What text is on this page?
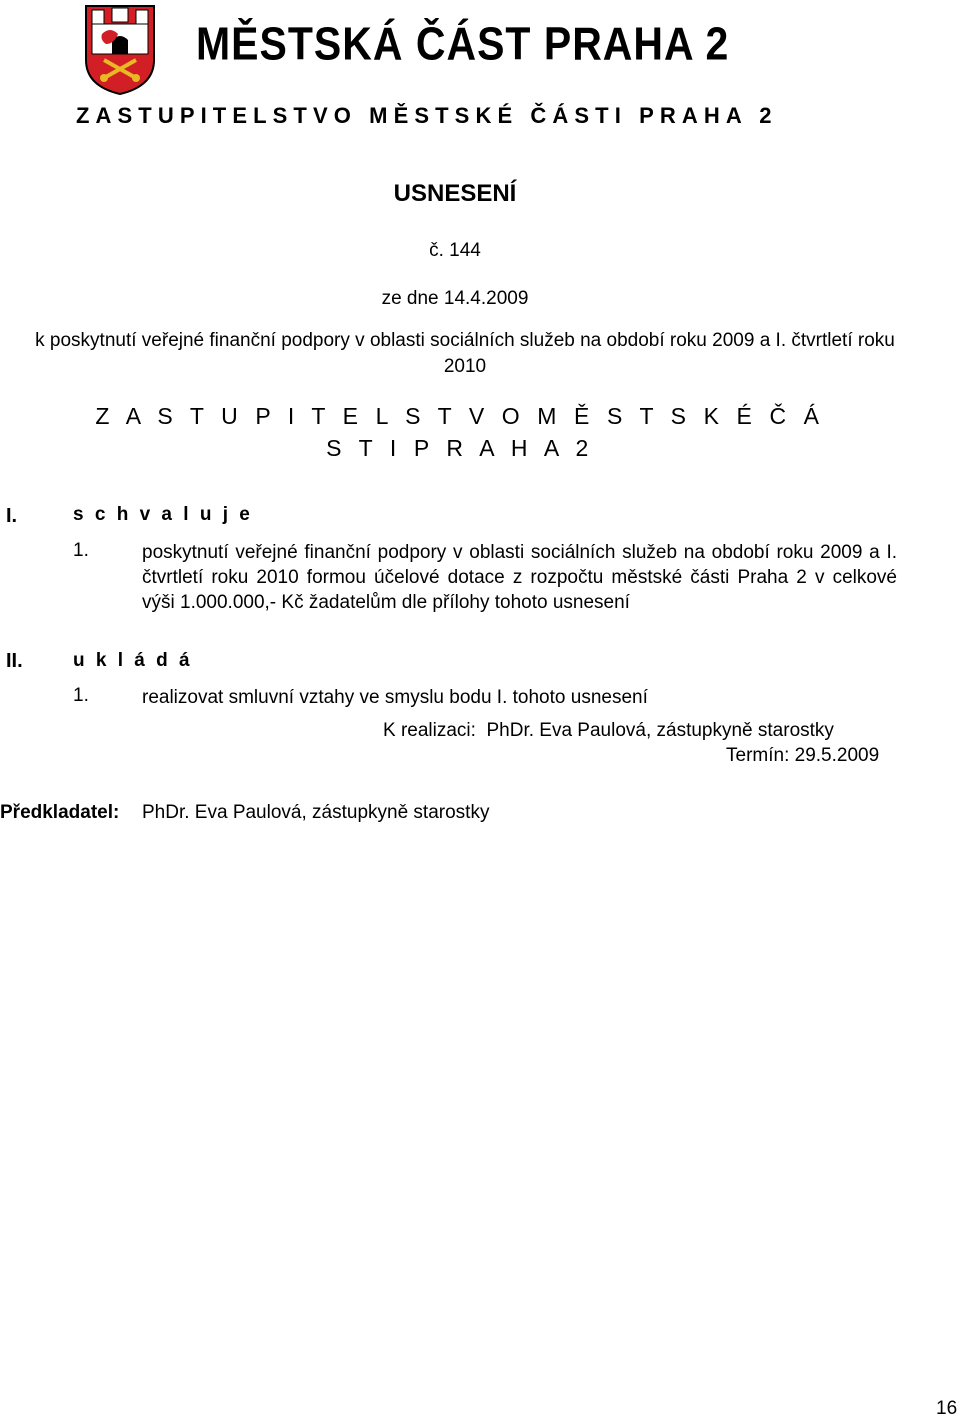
MĚSTSKÁ ČÁST PRAHA 2
ZASTUPITELSTVO MĚSTSKÉ ČÁSTI PRAHA 2
USNESENÍ
č. 144
ze dne 14.4.2009
k poskytnutí veřejné finanční podpory v oblasti sociálních služeb na období roku 2009 a I. čtvrtletí roku 2010
Z A S T U P I T E L S T V O M Ě S T S K É Č Á S T I P R A H A 2
I.	s c h v a l u j e
1.	poskytnutí veřejné finanční podpory v oblasti sociálních služeb na období roku 2009 a I. čtvrtletí roku 2010 formou účelové dotace z rozpočtu městské části Praha 2 v celkové výši 1.000.000,- Kč žadatelům dle přílohy tohoto usnesení
II.	u k l á d á
1.	realizovat smluvní vztahy ve smyslu bodu I. tohoto usnesení
K realizaci:  PhDr. Eva Paulová, zástupkyně starostky
Termín: 29.5.2009
Předkladatel: PhDr. Eva Paulová, zástupkyně starostky
16
